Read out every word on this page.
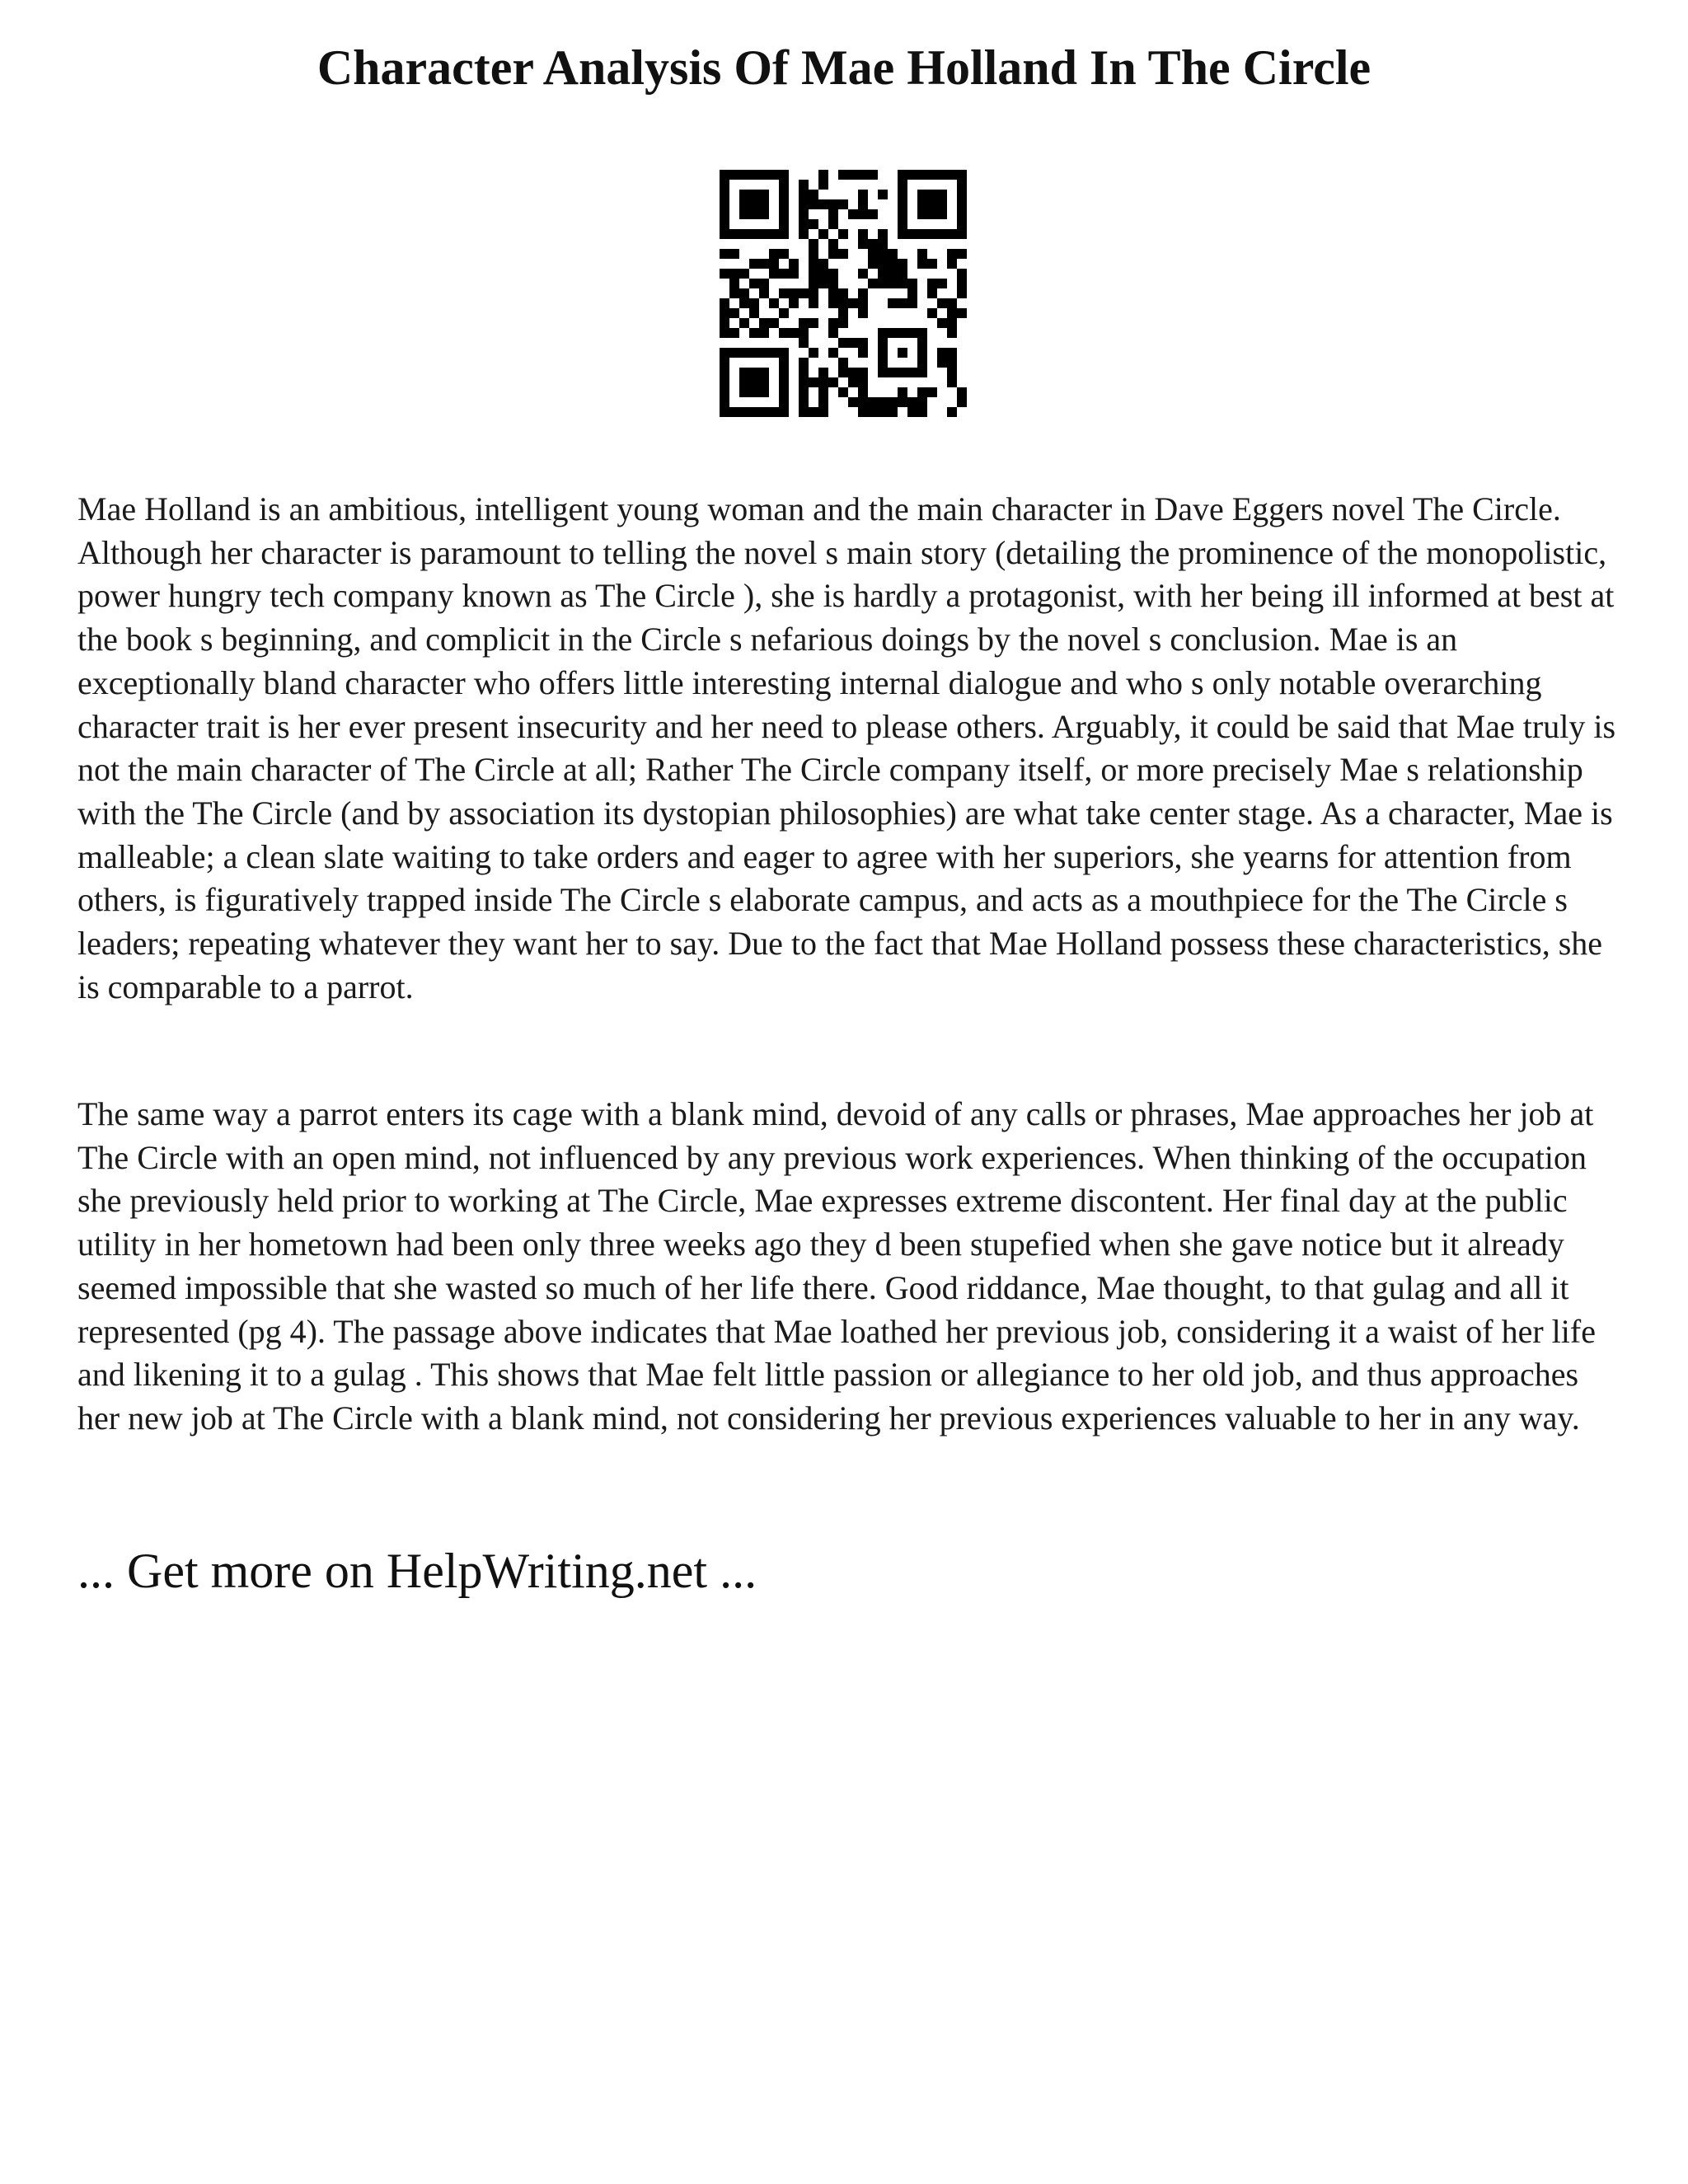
Character Analysis Of Mae Holland In The Circle

Mae Holland is an ambitious, intelligent young woman and the main character in Dave Eggers novel The Circle. Although her character is paramount to telling the novel s main story (detailing the prominence of the monopolistic, power hungry tech company known as The Circle ), she is hardly a protagonist, with her being ill informed at best at the book s beginning, and complicit in the Circle s nefarious doings by the novel s conclusion. Mae is an exceptionally bland character who offers little interesting internal dialogue and who s only notable overarching character trait is her ever present insecurity and her need to please others. Arguably, it could be said that Mae truly is not the main character of The Circle at all; Rather The Circle company itself, or more precisely Mae s relationship with the The Circle (and by association its dystopian philosophies) are what take center stage. As a character, Mae is malleable; a clean slate waiting to take orders and eager to agree with her superiors, she yearns for attention from others, is figuratively trapped inside The Circle s elaborate campus, and acts as a mouthpiece for the The Circle s leaders; repeating whatever they want her to say. Due to the fact that Mae Holland possess these characteristics, she is comparable to a parrot.

The same way a parrot enters its cage with a blank mind, devoid of any calls or phrases, Mae approaches her job at The Circle with an open mind, not influenced by any previous work experiences. When thinking of the occupation she previously held prior to working at The Circle, Mae expresses extreme discontent. Her final day at the public utility in her hometown had been only three weeks ago they d been stupefied when she gave notice but it already seemed impossible that she wasted so much of her life there. Good riddance, Mae thought, to that gulag and all it represented (pg 4). The passage above indicates that Mae loathed her previous job, considering it a waist of her life and likening it to a gulag . This shows that Mae felt little passion or allegiance to her old job, and thus approaches her new job at The Circle with a blank mind, not considering her previous experiences valuable to her in any way.

... Get more on HelpWriting.net ...
